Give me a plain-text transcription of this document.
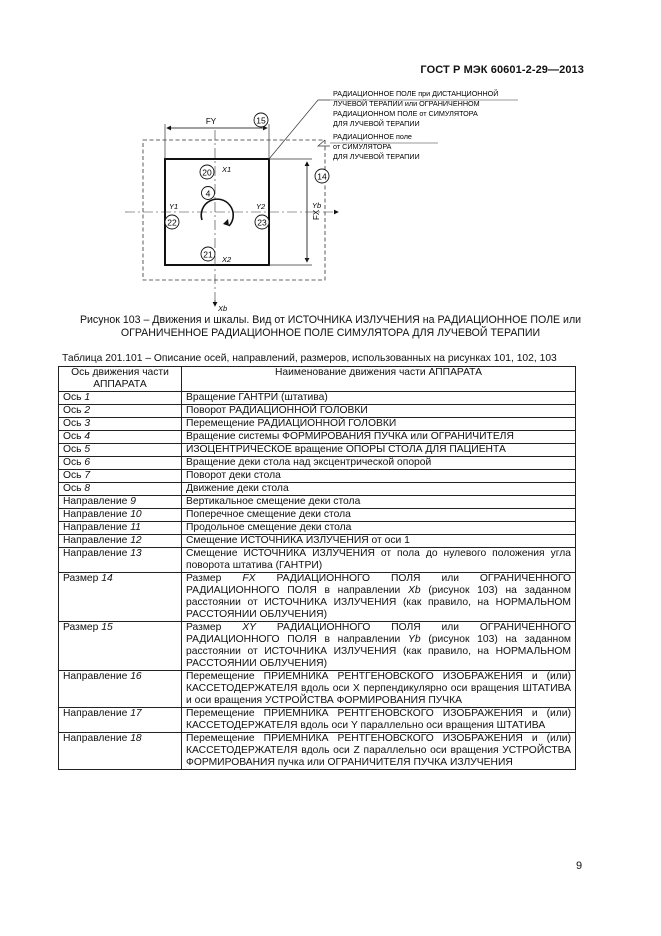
ГОСТ Р МЭК 60601-2-29—2013
15
14
20
4
22	23
21
FY
FX
Yb
Xb
X1
X2
Y1	Y2
РАДИАЦИОННОЕ ПОЛЕ при ДИСТАНЦИОННОЙ
ЛУЧЕВОЙ ТЕРАПИИ или ОГРАНИЧЕННОМ
РАДИАЦИОННОМ ПОЛЕ от СИМУЛЯТОРА
ДЛЯ ЛУЧЕВОЙ ТЕРАПИИ
РАДИАЦИОННОЕ поле
от СИМУЛЯТОРА
ДЛЯ ЛУЧЕВОЙ ТЕРАПИИ
Рисунок 103 – Движения и шкалы. Вид от ИСТОЧНИКА ИЗЛУЧЕНИЯ на РАДИАЦИОННОЕ ПОЛЕ или ОГРАНИЧЕННОЕ РАДИАЦИОННОЕ ПОЛЕ СИМУЛЯТОРА ДЛЯ ЛУЧЕВОЙ ТЕРАПИИ
Таблица 201.101 – Описание осей, направлений, размеров, использованных на рисунках 101, 102, 103
Ось движения части АППАРАТА	Наименование движения части АППАРАТА
Ось 1	Вращение ГАНТРИ (штатива)
Ось 2	Поворот РАДИАЦИОННОЙ ГОЛОВКИ
Ось 3	Перемещение РАДИАЦИОННОЙ ГОЛОВКИ
Ось 4	Вращение системы ФОРМИРОВАНИЯ ПУЧКА или ОГРАНИЧИТЕЛЯ
Ось 5	ИЗОЦЕНТРИЧЕСКОЕ вращение ОПОРЫ СТОЛА ДЛЯ ПАЦИЕНТА
Ось 6	Вращение деки стола над эксцентрической опорой
Ось 7	Поворот деки стола
Ось 8	Движение деки стола
Направление 9	Вертикальное смещение деки стола
Направление 10	Поперечное смещение деки стола
Направление 11	Продольное смещение деки стола
Направление 12	Смещение ИСТОЧНИКА ИЗЛУЧЕНИЯ от оси 1
Направление 13	Смещение ИСТОЧНИКА ИЗЛУЧЕНИЯ от пола до нулевого положения угла поворота штатива (ГАНТРИ)
Размер 14	Размер FX РАДИАЦИОННОГО ПОЛЯ или ОГРАНИЧЕННОГО РАДИАЦИОННОГО ПОЛЯ в направлении Xb (рисунок 103) на заданном расстоянии от ИСТОЧНИКА ИЗЛУЧЕНИЯ (как правило, на НОРМАЛЬНОМ РАССТОЯНИИ ОБЛУЧЕНИЯ)
Размер 15	Размер XY РАДИАЦИОННОГО ПОЛЯ или ОГРАНИЧЕННОГО РАДИАЦИОННОГО ПОЛЯ в направлении Yb (рисунок 103) на заданном расстоянии от ИСТОЧНИКА ИЗЛУЧЕНИЯ (как правило, на НОРМАЛЬНОМ РАССТОЯНИИ ОБЛУЧЕНИЯ)
Направление 16	Перемещение ПРИЕМНИКА РЕНТГЕНОВСКОГО ИЗОБРАЖЕНИЯ и (или) КАССЕТОДЕРЖАТЕЛЯ вдоль оси X перпендикулярно оси вращения ШТАТИВА и оси вращения УСТРОЙСТВА ФОРМИРОВАНИЯ ПУЧКА
Направление 17	Перемещение ПРИЕМНИКА РЕНТГЕНОВСКОГО ИЗОБРАЖЕНИЯ и (или) КАССЕТОДЕРЖАТЕЛЯ вдоль оси Y параллельно оси вращения ШТАТИВА
Направление 18	Перемещение ПРИЕМНИКА РЕНТГЕНОВСКОГО ИЗОБРАЖЕНИЯ и (или) КАССЕТОДЕРЖАТЕЛЯ вдоль оси Z параллельно оси вращения УСТРОЙСТВА ФОРМИРОВАНИЯ пучка или ОГРАНИЧИТЕЛЯ ПУЧКА ИЗЛУЧЕНИЯ
9
